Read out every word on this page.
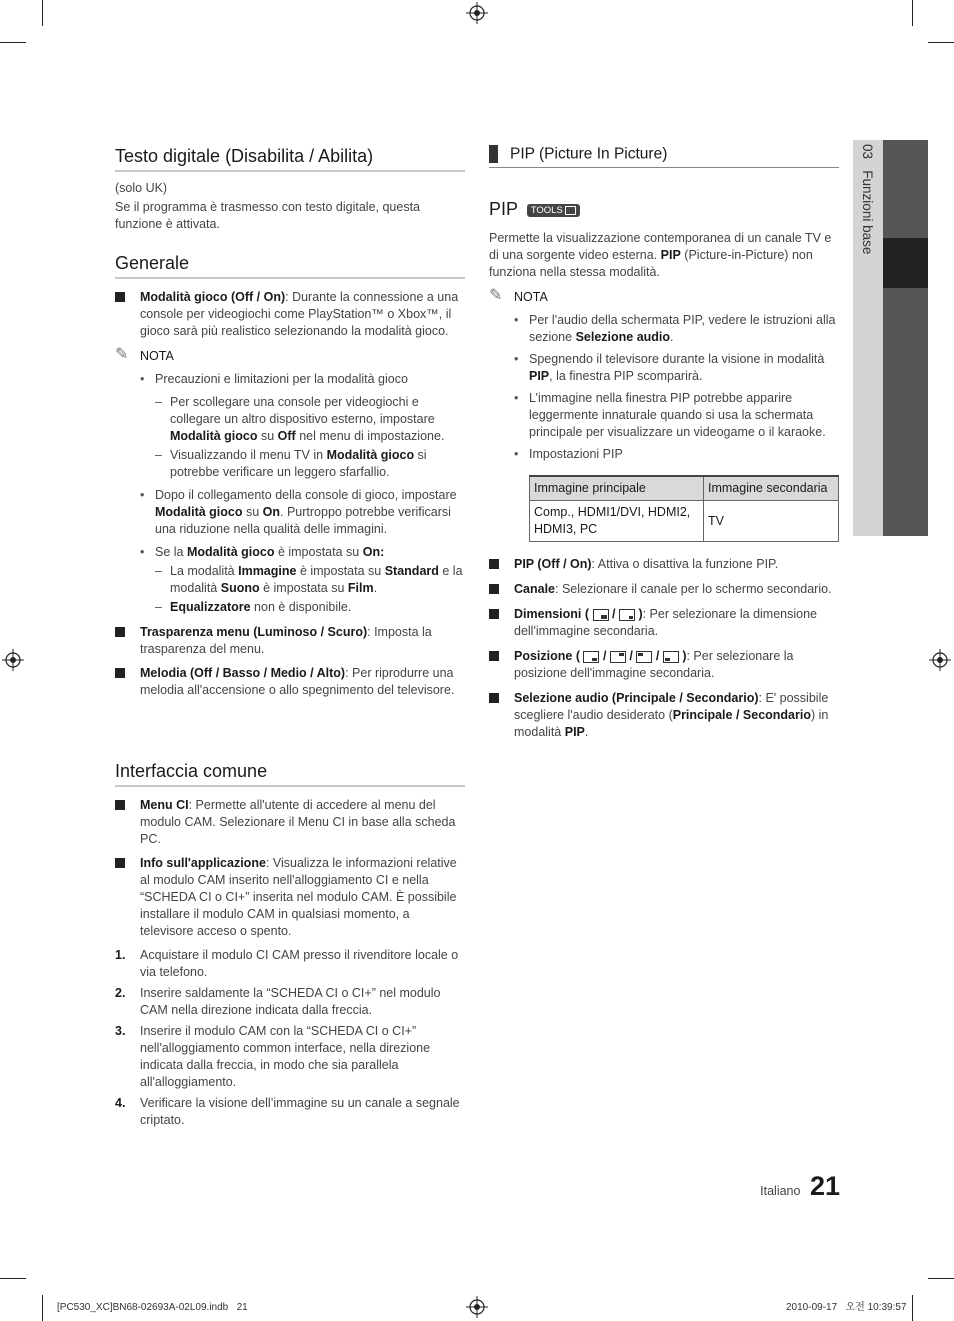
Testo digitale (Disabilita / Abilita)

(solo UK)

Se il programma è trasmesso con testo digitale, questa funzione è attivata.

Generale
Modalità gioco (Off / On): Durante la connessione a una console per videogiochi come PlayStation™ o Xbox™, il gioco sarà più realistico selezionando la modalità gioco.
✎ NOTA
• Precauzioni e limitazioni per la modalità gioco
– Per scollegare una console per videogiochi e collegare un altro dispositivo esterno, impostare Modalità gioco su Off nel menu di impostazione.
– Visualizzando il menu TV in Modalità gioco si potrebbe verificare un leggero sfarfallio.
• Dopo il collegamento della console di gioco, impostare Modalità gioco su On. Purtroppo potrebbe verificarsi una riduzione nella qualità delle immagini.
• Se la Modalità gioco è impostata su On:
– La modalità Immagine è impostata su Standard e la modalità Suono è impostata su Film.
– Equalizzatore non è disponibile.
Trasparenza menu (Luminoso / Scuro): Imposta la trasparenza del menu.
Melodia (Off / Basso / Medio / Alto): Per riprodurre una melodia all'accensione o allo spegnimento del televisore.
Interfaccia comune
Menu CI: Permette all'utente di accedere al menu del modulo CAM. Selezionare il Menu CI in base alla scheda PC.
Info sull'applicazione: Visualizza le informazioni relative al modulo CAM inserito nell'alloggiamento CI e nella “SCHEDA CI o CI+” inserita nel modulo CAM. È possibile installare il modulo CAM in qualsiasi momento, a televisore acceso o spento.
1. Acquistare il modulo CI CAM presso il rivenditore locale o via telefono.
2. Inserire saldamente la “SCHEDA CI o CI+” nel modulo CAM nella direzione indicata dalla freccia.
3. Inserire il modulo CAM con la “SCHEDA CI o CI+” nell'alloggiamento common interface, nella direzione indicata dalla freccia, in modo che sia parallela all'alloggiamento.
4. Verificare la visione dell’immagine su un canale a segnale criptato.
PIP (Picture In Picture)
PIP TOOLS

Permette la visualizzazione contemporanea di un canale TV e di una sorgente video esterna. PIP (Picture-in-Picture) non funziona nella stessa modalità.

✎ NOTA
• Per l'audio della schermata PIP, vedere le istruzioni alla sezione Selezione audio.
• Spegnendo il televisore durante la visione in modalità PIP, la finestra PIP scomparirà.
• L’immagine nella finestra PIP potrebbe apparire leggermente innaturale quando si usa la schermata principale per visualizzare un videogame o il karaoke.
• Impostazioni PIP
Immagine principale	Immagine secondaria
Comp., HDMI1/DVI, HDMI2, HDMI3, PC	TV
PIP (Off / On): Attiva o disattiva la funzione PIP.
Canale: Selezionare il canale per lo schermo secondario.
Dimensioni ( / ): Per selezionare la dimensione dell'immagine secondaria.
Posizione ( / / / ): Per selezionare la posizione dell'immagine secondaria.
Selezione audio (Principale / Secondario): E' possibile scegliere l'audio desiderato (Principale / Secondario) in modalità PIP.
03   Funzioni base
Italiano 21
[PC530_XC]BN68-02693A-02L09.indb   21	2010-09-17   오전 10:39:57
